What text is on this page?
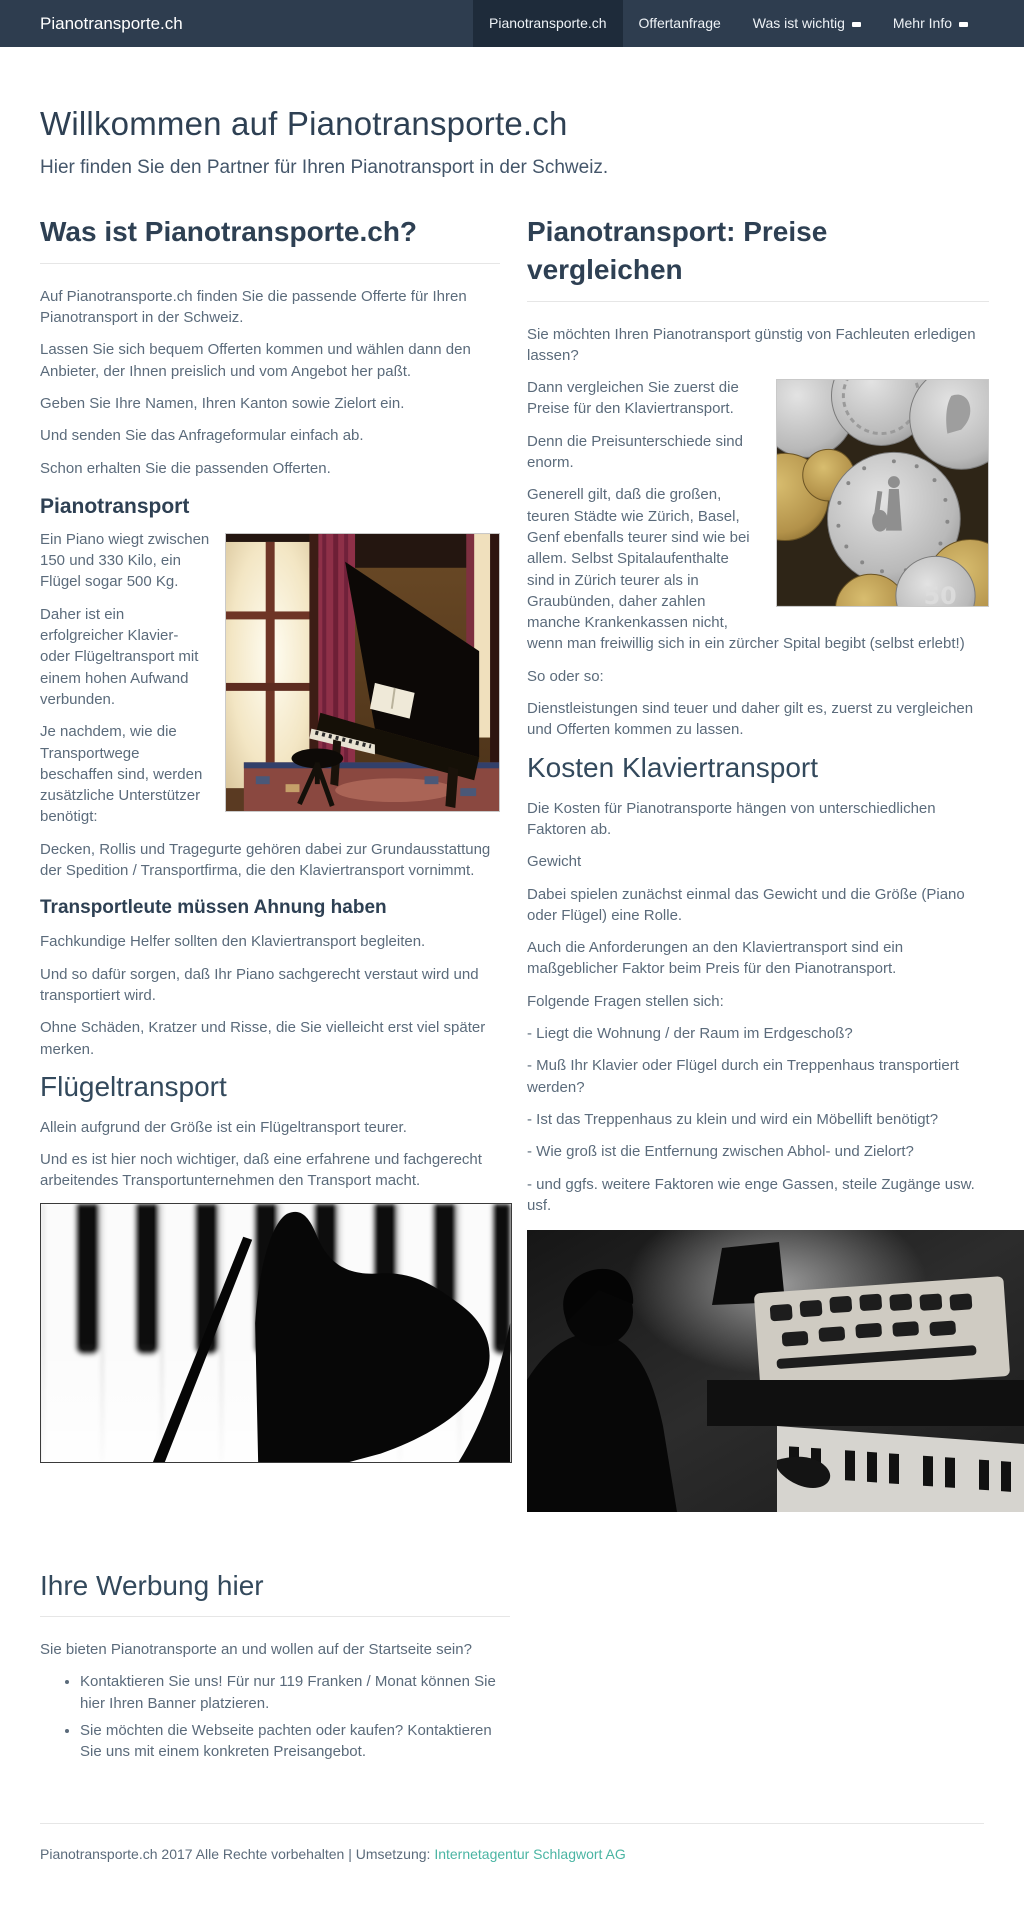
Pianotransporte.ch	Pianotransporte.ch	Offertanfrage	Was ist wichtig	Mehr Info
Willkommen auf Pianotransporte.ch

Hier finden Sie den Partner für Ihren Pianotransport in der Schweiz.

Was ist Pianotransporte.ch?

Auf Pianotransporte.ch finden Sie die passende Offerte für Ihren Pianotransport in der Schweiz.

Lassen Sie sich bequem Offerten kommen und wählen dann den Anbieter, der Ihnen preislich und vom Angebot her paßt.

Geben Sie Ihre Namen, Ihren Kanton sowie Zielort ein.

Und senden Sie das Anfrageformular einfach ab.

Schon erhalten Sie die passenden Offerten.

Pianotransport

Ein Piano wiegt zwischen 150 und 330 Kilo, ein Flügel sogar 500 Kg.

Daher ist ein erfolgreicher Klavier- oder Flügeltransport mit einem hohen Aufwand verbunden.

Je nachdem, wie die Transportwege beschaffen sind, werden zusätzliche Unterstützer benötigt:

Decken, Rollis und Tragegurte gehören dabei zur Grundausstattung der Spedition / Transportfirma, die den Klaviertransport vornimmt.

Transportleute müssen Ahnung haben

Fachkundige Helfer sollten den Klaviertransport begleiten.

Und so dafür sorgen, daß Ihr Piano sachgerecht verstaut wird und transportiert wird.

Ohne Schäden, Kratzer und Risse, die Sie vielleicht erst viel später merken.

Flügeltransport

Allein aufgrund der Größe ist ein Flügeltransport teurer.

Und es ist hier noch wichtiger, daß eine erfahrene und fachgerecht arbeitendes Transportunternehmen den Transport macht.

Pianotransport: Preise vergleichen

Sie möchten Ihren Pianotransport günstig von Fachleuten erledigen lassen?

50

Dann vergleichen Sie zuerst die Preise für den Klaviertransport.

Denn die Preisunterschiede sind enorm.

Generell gilt, daß die großen, teuren Städte wie Zürich, Basel, Genf ebenfalls teurer sind wie bei allem. Selbst Spitalaufenthalte sind in Zürich teurer als in Graubünden, daher zahlen manche Krankenkassen nicht, wenn man freiwillig sich in ein zürcher Spital begibt (selbst erlebt!)

So oder so:

Dienstleistungen sind teuer und daher gilt es, zuerst zu vergleichen und Offerten kommen zu lassen.

Kosten Klaviertransport

Die Kosten für Pianotransporte hängen von unterschiedlichen Faktoren ab.

Gewicht

Dabei spielen zunächst einmal das Gewicht und die Größe (Piano oder Flügel) eine Rolle.

Auch die Anforderungen an den Klaviertransport sind ein maßgeblicher Faktor beim Preis für den Pianotransport.

Folgende Fragen stellen sich:

- Liegt die Wohnung / der Raum im Erdgeschoß?

- Muß Ihr Klavier oder Flügel durch ein Treppenhaus transportiert werden?

- Ist das Treppenhaus zu klein und wird ein Möbellift benötigt?

- Wie groß ist die Entfernung zwischen Abhol- und Zielort?

- und ggfs. weitere Faktoren wie enge Gassen, steile Zugänge usw. usf.

Ihre Werbung hier

Sie bieten Pianotransporte an und wollen auf der Startseite sein?

• Kontaktieren Sie uns! Für nur 119 Franken / Monat können Sie hier Ihren Banner platzieren.
• Sie möchten die Webseite pachten oder kaufen? Kontaktieren Sie uns mit einem konkreten Preisangebot.
Pianotransporte.ch 2017 Alle Rechte vorbehalten | Umsetzung: Internetagentur Schlagwort AG
